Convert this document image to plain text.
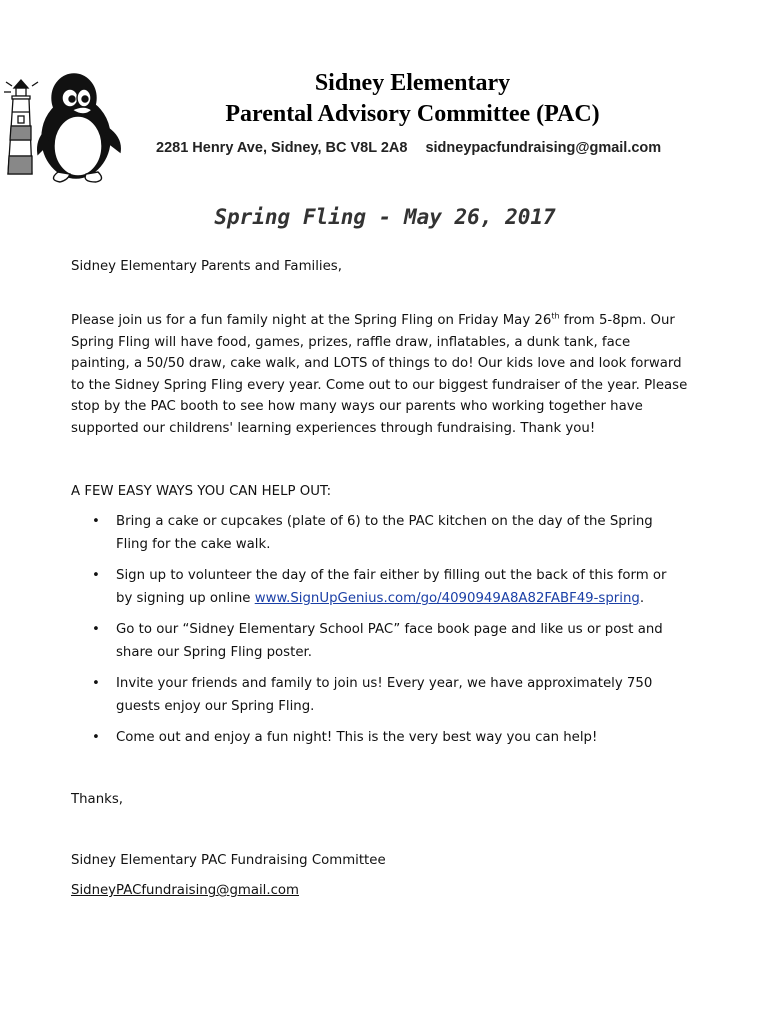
Sidney Elementary
Parental Advisory Committee (PAC)
2281 Henry Ave, Sidney, BC V8L 2A8 sidneypacfundraising@gmail.com
Spring Fling - May 26, 2017
Sidney Elementary Parents and Families,
Please join us for a fun family night at the Spring Fling on Friday May 26th from 5-8pm. Our
Spring Fling will have food, games, prizes, raffle draw, inflatables, a dunk tank, face
painting, a 50/50 draw, cake walk, and LOTS of things to do! Our kids love and look forward
to the Sidney Spring Fling every year. Come out to our biggest fundraiser of the year. Please
stop by the PAC booth to see how many ways our parents who working together have
supported our childrens' learning experiences through fundraising. Thank you!
A FEW EASY WAYS YOU CAN HELP OUT:
• Bring a cake or cupcakes (plate of 6) to the PAC kitchen on the day of the Spring
Fling for the cake walk.
• Sign up to volunteer the day of the fair either by filling out the back of this form or
by signing up online www.SignUpGenius.com/go/4090949A8A82FABF49-spring.
• Go to our “Sidney Elementary School PAC” face book page and like us or post and
share our Spring Fling poster.
• Invite your friends and family to join us! Every year, we have approximately 750
guests enjoy our Spring Fling.
• Come out and enjoy a fun night! This is the very best way you can help!
Thanks,
Sidney Elementary PAC Fundraising Committee
SidneyPACfundraising@gmail.com
